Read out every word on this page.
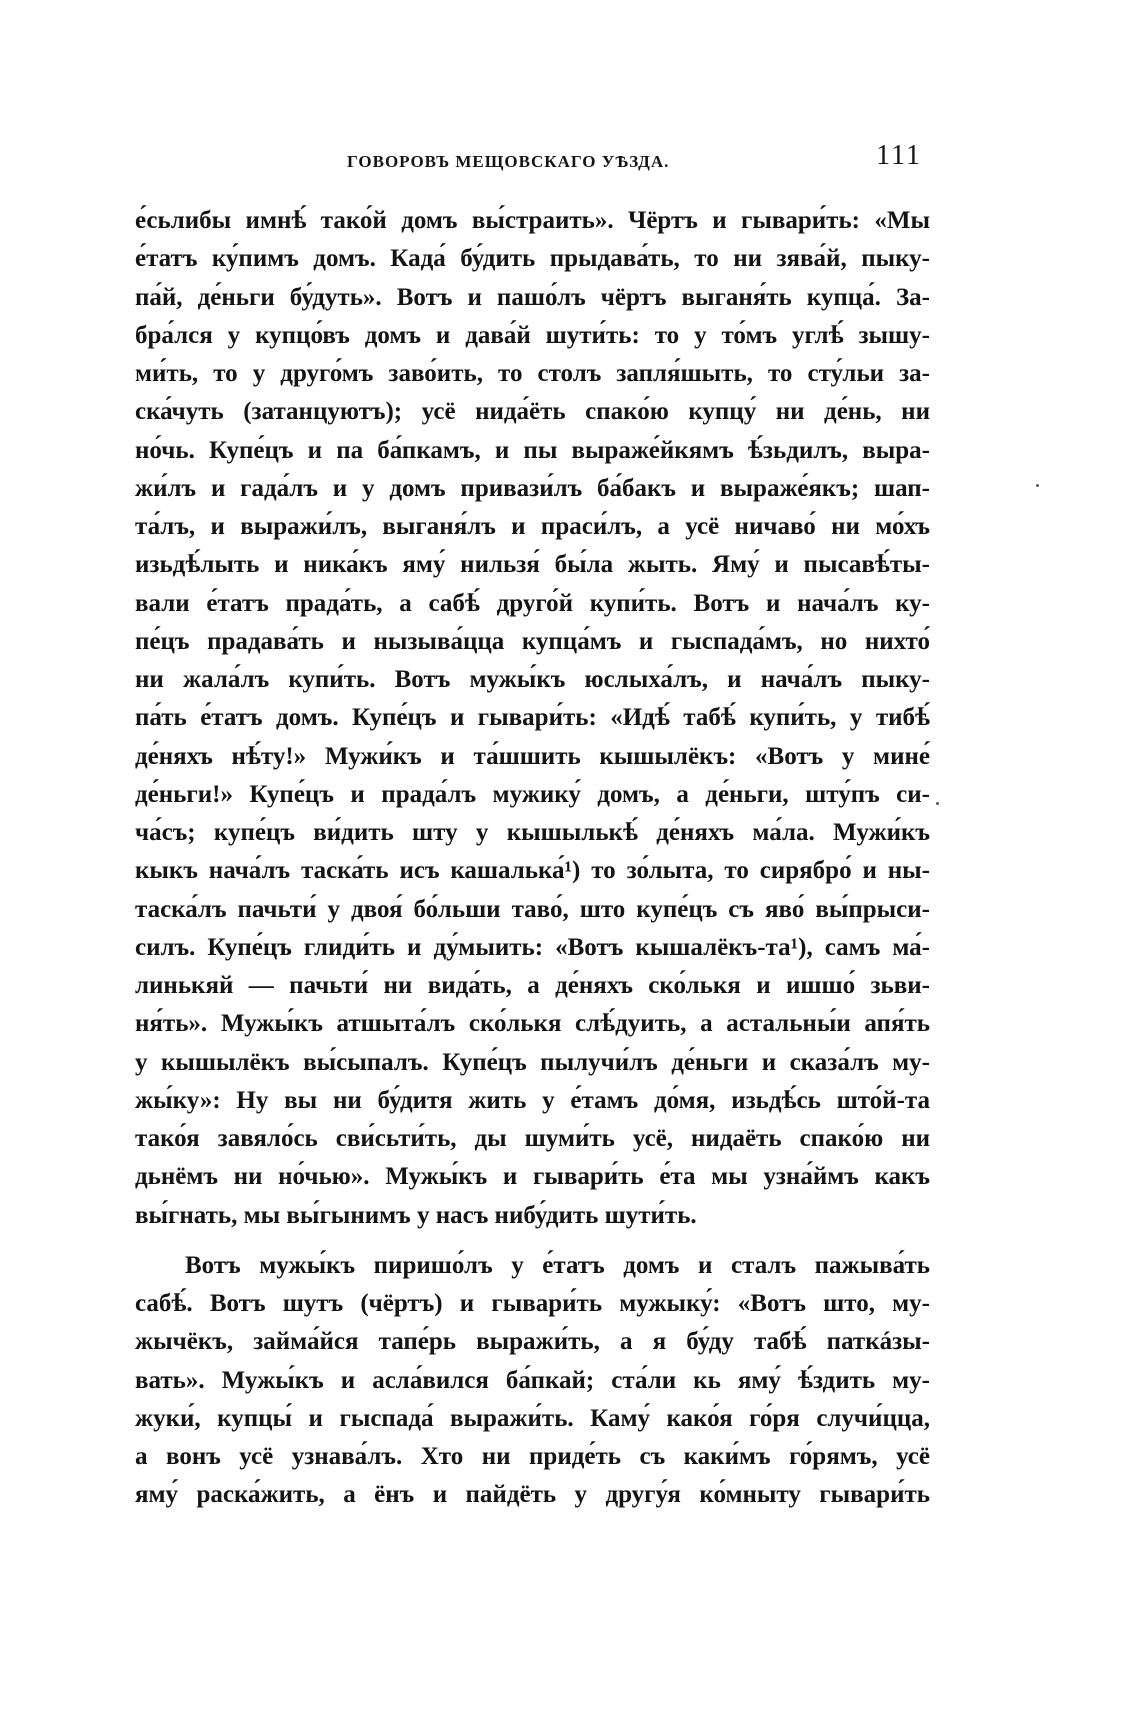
ГОВОРОВЪ МЕЩОВСКАГО УѢЗДА.	111
е́сьлибы имнѣ́ тако́й домъ вы́страить». Чёртъ и гывари́ть: «Мы
е́татъ ку́пимъ домъ. Када́ бу́дить прыдава́ть, то ни зява́й, пыку-
па́й, де́ньги бу́дуть». Вотъ и пашо́лъ чёртъ выганя́ть купца́. За-
бра́лся у купцо́въ домъ и дава́й шути́ть: то у то́мъ углѣ́ зышу-
ми́ть, то у друго́мъ заво́ить, то столъ запля́шыть, то сту́льи за-
ска́чуть (затанцуютъ); усё нида́ёть спако́ю купцу́ ни де́нь, ни
но́чь. Купе́цъ и па ба́пкамъ, и пы выраже́йкямъ ѣ́зьдилъ, выра-
жи́лъ и гада́лъ и у домъ привази́лъ ба́бакъ и выраже́якъ; шап-
та́лъ, и выражи́лъ, выганя́лъ и праси́лъ, а усё ничаво́ ни мо́хъ
изьдѣ́лыть и ника́къ яму́ нильзя́ бы́ла жыть. Яму́ и пысавѣ́ты-
вали е́татъ прада́ть, а сабѣ́ друго́й купи́ть. Вотъ и нача́лъ ку-
пе́цъ прадава́ть и нызыва́цца купца́мъ и гыспада́мъ, но нихто́
ни жала́лъ купи́ть. Вотъ мужы́къ юслыха́лъ, и нача́лъ пыку-
па́ть е́татъ домъ. Купе́цъ и гывари́ть: «Идѣ́ табѣ́ купи́ть, у тибѣ́
де́няхъ нѣ́ту!» Мужи́къ и та́шшить кышылёкъ: «Вотъ у мине́
де́ньги!» Купе́цъ и прада́лъ мужику́ домъ, а де́ньги, шту́пъ си-
ча́съ; купе́цъ ви́дить шту у кышылькѣ́ де́няхъ ма́ла. Мужи́къ
кыкъ нача́лъ таска́ть исъ кашалька́¹) то зо́лыта, то сирябро́ и ны-
таска́лъ пачьти́ у двоя́ бо́льши таво́, што купе́цъ съ яво́ вы́прыси-
силъ. Купе́цъ глиди́ть и ду́мыить: «Вотъ кышалёкъ-та¹), самъ ма́-
линькяй — пачьти́ ни вида́ть, а де́няхъ ско́лькя и ишшо́ зьви-
ня́ть». Мужы́къ атшыта́лъ ско́лькя слѣ́дуить, а астальны́и апя́ть
у кышылёкъ вы́сыпалъ. Купе́цъ пылучи́лъ де́ньги и сказа́лъ му-
жы́ку»: Ну вы ни бу́дитя жить у е́тамъ до́мя, изьдѣ́сь што́й-та
тако́я завяло́сь сви́сьти́ть, ды шуми́ть усё, нидаёть спако́ю ни
дьнёмъ ни но́чью». Мужы́къ и гывари́ть е́та мы узна́ймъ какъ
вы́гнать, мы вы́гынимъ у насъ нибу́дить шути́ть.
Вотъ мужы́къ пиришо́лъ у е́татъ домъ и сталъ пажыва́ть
сабѣ́. Вотъ шутъ (чёртъ) и гывари́ть мужыку́: «Вотъ што, му-
жычёкъ, займа́йся тапе́рь выражи́ть, а я бу́ду табѣ́ паткáзы-
вать». Мужы́къ и асла́вился ба́пкай; ста́ли кь яму́ ѣ́здить му-
жуки́, купцы́ и гыспада́ выражи́ть. Каму́ како́я го́ря случи́цца,
а вонъ усё узнава́лъ. Хто ни приде́ть съ каки́мъ го́рямъ, усё
яму́ раска́жить, а ёнъ и пайдёть у другу́я ко́мныту гывари́ть
